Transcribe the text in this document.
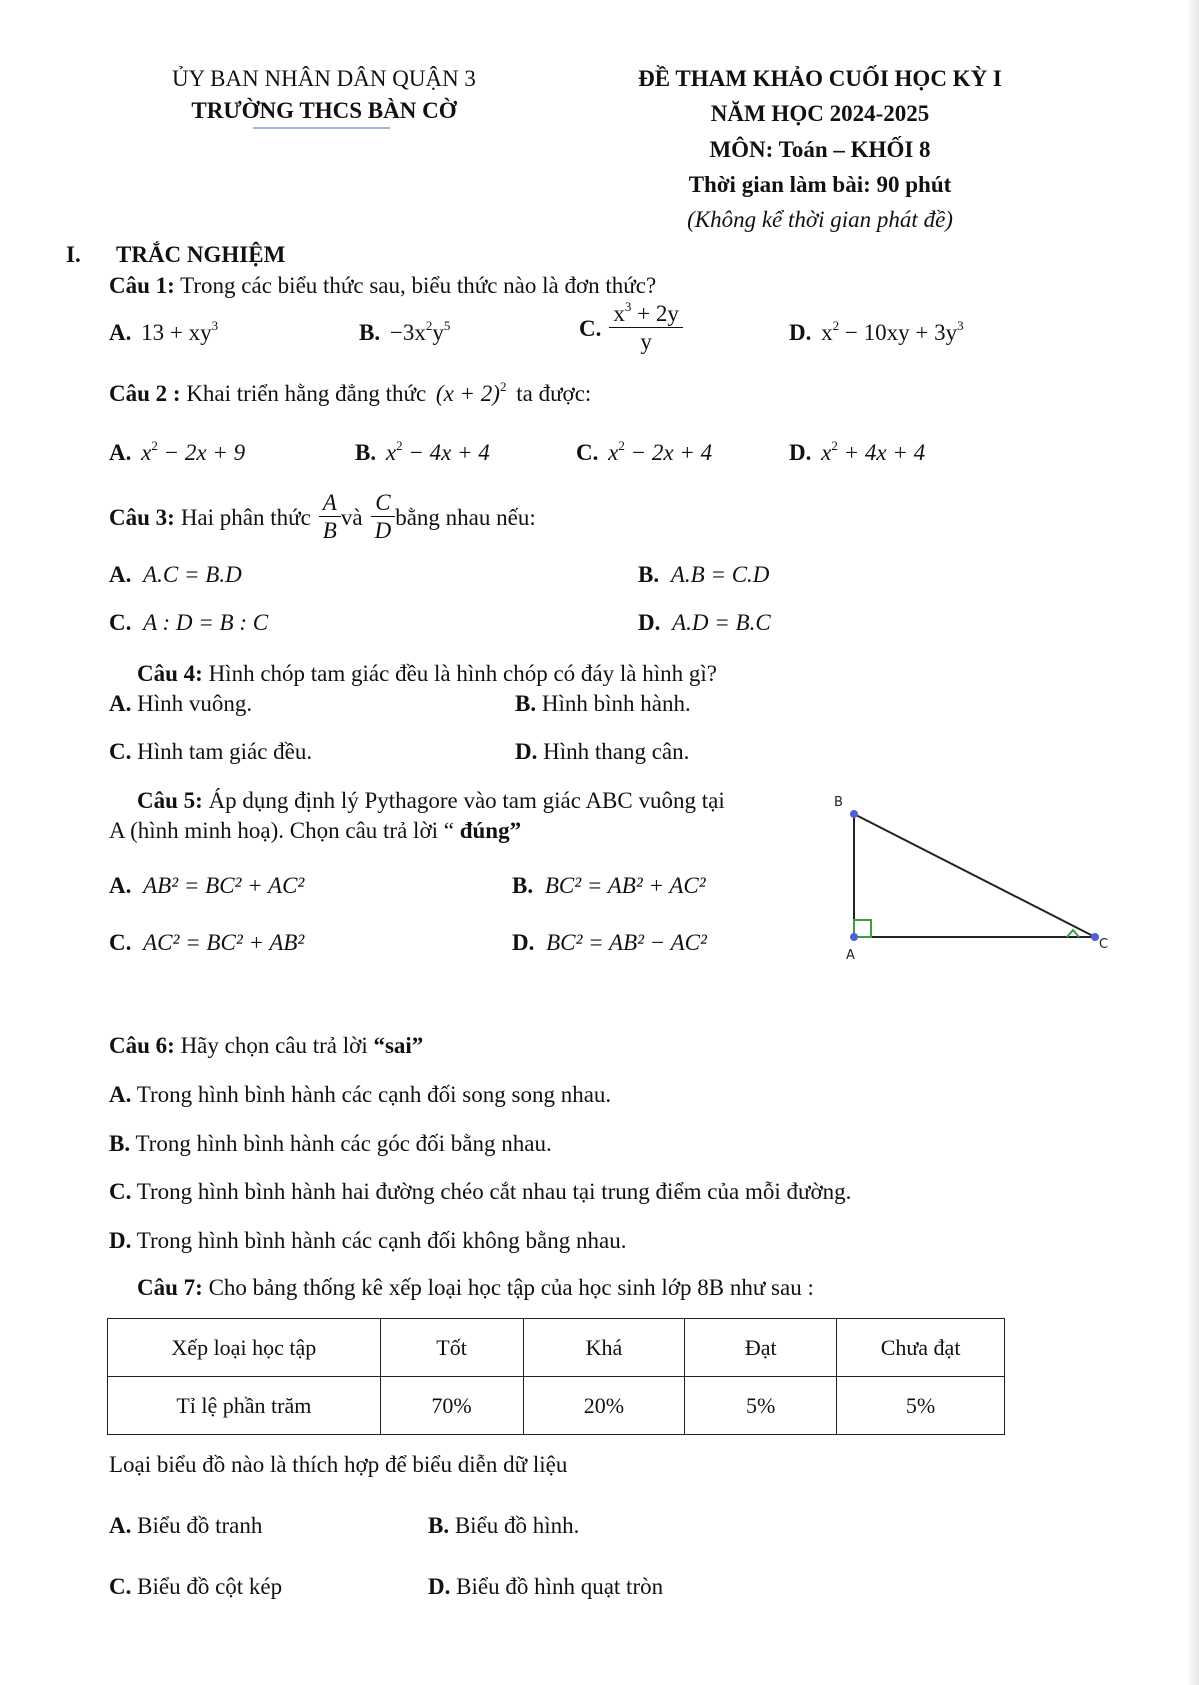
ỦY BAN NHÂN DÂN QUẬN 3
TRƯỜNG THCS BÀN CỜ
ĐỀ THAM KHẢO CUỐI HỌC KỲ I
NĂM HỌC 2024-2025
MÔN: Toán – KHỐI 8
Thời gian làm bài: 90 phút
(Không kể thời gian phát đề)
I. TRẮC NGHIỆM
Câu 1: Trong các biểu thức sau, biểu thức nào là đơn thức?
A. $13 + xy^3$	B. $-3x^2y^5$	C. $\frac{x^3 + 2y}{y}$	D. $x^2 - 10xy + 3y^3$
Câu 2 : Khai triển hằng đẳng thức $(x + 2)^2$ ta được:
A. $x^2 - 2x + 9$	B. $x^2 - 4x + 4$	C. $x^2 - 2x + 4$	D. $x^2 + 4x + 4$
Câu 3: Hai phân thức $\frac{A}{B}$ và $\frac{C}{D}$ bằng nhau nếu:
A. A.C = B.D	B. A.B = C.D
C. A : D = B : C	D. A.D = B.C
Câu 4: Hình chóp tam giác đều là hình chóp có đáy là hình gì?
A. Hình vuông.	B. Hình bình hành.
C. Hình tam giác đều.	D. Hình thang cân.
Câu 5: Áp dụng định lý Pythagore vào tam giác ABC vuông tại
A (hình minh hoạ). Chọn câu trả lời “ đúng”
A. AB² = BC² + AC²	B. BC² = AB² + AC²
C. AC² = BC² + AB²	D. BC² = AB² − AC²
B
A
C
Câu 6: Hãy chọn câu trả lời “sai”
A. Trong hình bình hành các cạnh đối song song nhau.
B. Trong hình bình hành các góc đối bằng nhau.
C. Trong hình bình hành hai đường chéo cắt nhau tại trung điểm của mỗi đường.
D. Trong hình bình hành các cạnh đối không bằng nhau.
Câu 7: Cho bảng thống kê xếp loại học tập của học sinh lớp 8B như sau :
Xếp loại học tập	Tốt	Khá	Đạt	Chưa đạt
Tỉ lệ phần trăm	70%	20%	5%	5%
Loại biểu đồ nào là thích hợp để biểu diễn dữ liệu
A. Biểu đồ tranh	B. Biểu đồ hình.
C. Biểu đồ cột kép	D. Biểu đồ hình quạt tròn
